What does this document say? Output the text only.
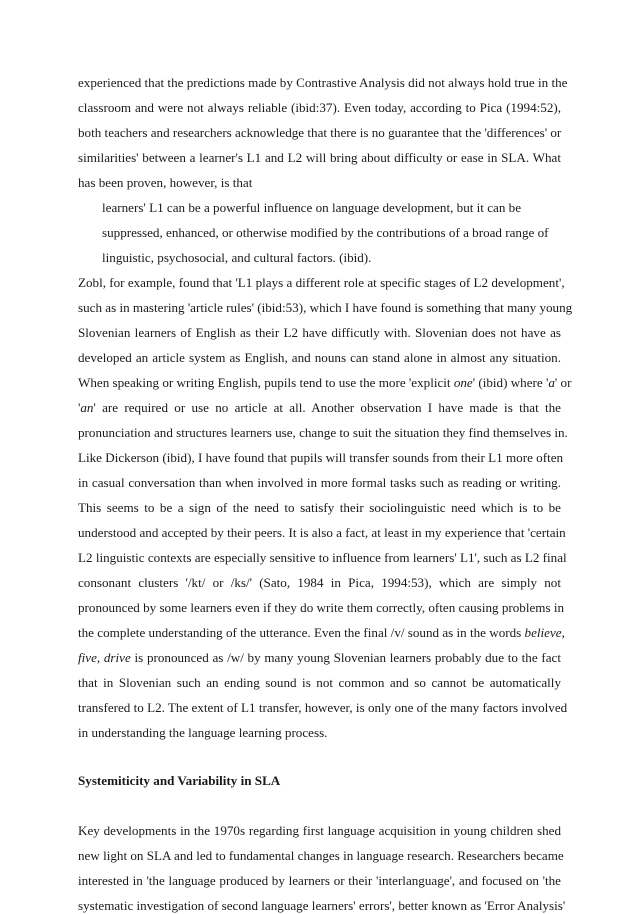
experienced that the predictions made by Contrastive Analysis did not always hold true in the
classroom and were not always reliable (ibid:37). Even today, according to Pica (1994:52),
both teachers and researchers acknowledge that there is no guarantee that the 'differences' or
similarities' between a learner's L1 and L2 will bring about difficulty or ease in SLA. What
has been proven, however, is that
learners' L1 can be a powerful influence on language development, but it can be
suppressed, enhanced, or otherwise modified by the contributions of a broad range of
linguistic, psychosocial, and cultural factors. (ibid).
Zobl, for example, found that 'L1 plays a different role at specific stages of L2 development',
such as in mastering 'article rules' (ibid:53), which I have found is something that many young
Slovenian learners of English as their L2 have difficutly with. Slovenian does not have as
developed an article system as English, and nouns can stand alone in almost any situation.
When speaking or writing English, pupils tend to use the more 'explicit one' (ibid) where 'a' or
'an' are required or use no article at all. Another observation I have made is that the
pronunciation and structures learners use, change to suit the situation they find themselves in.
Like Dickerson (ibid), I have found that pupils will transfer sounds from their L1 more often
in casual conversation than when involved in more formal tasks such as reading or writing.
This seems to be a sign of the need to satisfy their sociolinguistic need which is to be
understood and accepted by their peers. It is also a fact, at least in my experience that 'certain
L2 linguistic contexts are especially sensitive to influence from learners' L1', such as L2 final
consonant clusters '/kt/ or /ks/' (Sato, 1984 in Pica, 1994:53), which are simply not
pronounced by some learners even if they do write them correctly, often causing problems in
the complete understanding of the utterance. Even the final /v/ sound as in the words believe,
five, drive is pronounced as /w/ by many young Slovenian learners probably due to the fact
that in Slovenian such an ending sound is not common and so cannot be automatically
transfered to L2. The extent of L1 transfer, however, is only one of the many factors involved
in understanding the language learning process.
Systemiticity and Variability in SLA
Key developments in the 1970s regarding first language acquisition in young children shed
new light on SLA and led to fundamental changes in language research. Researchers became
interested in 'the language produced by learners or their 'interlanguage', and focused on 'the
systematic investigation of second language learners' errors', better known as 'Error Analysis'
